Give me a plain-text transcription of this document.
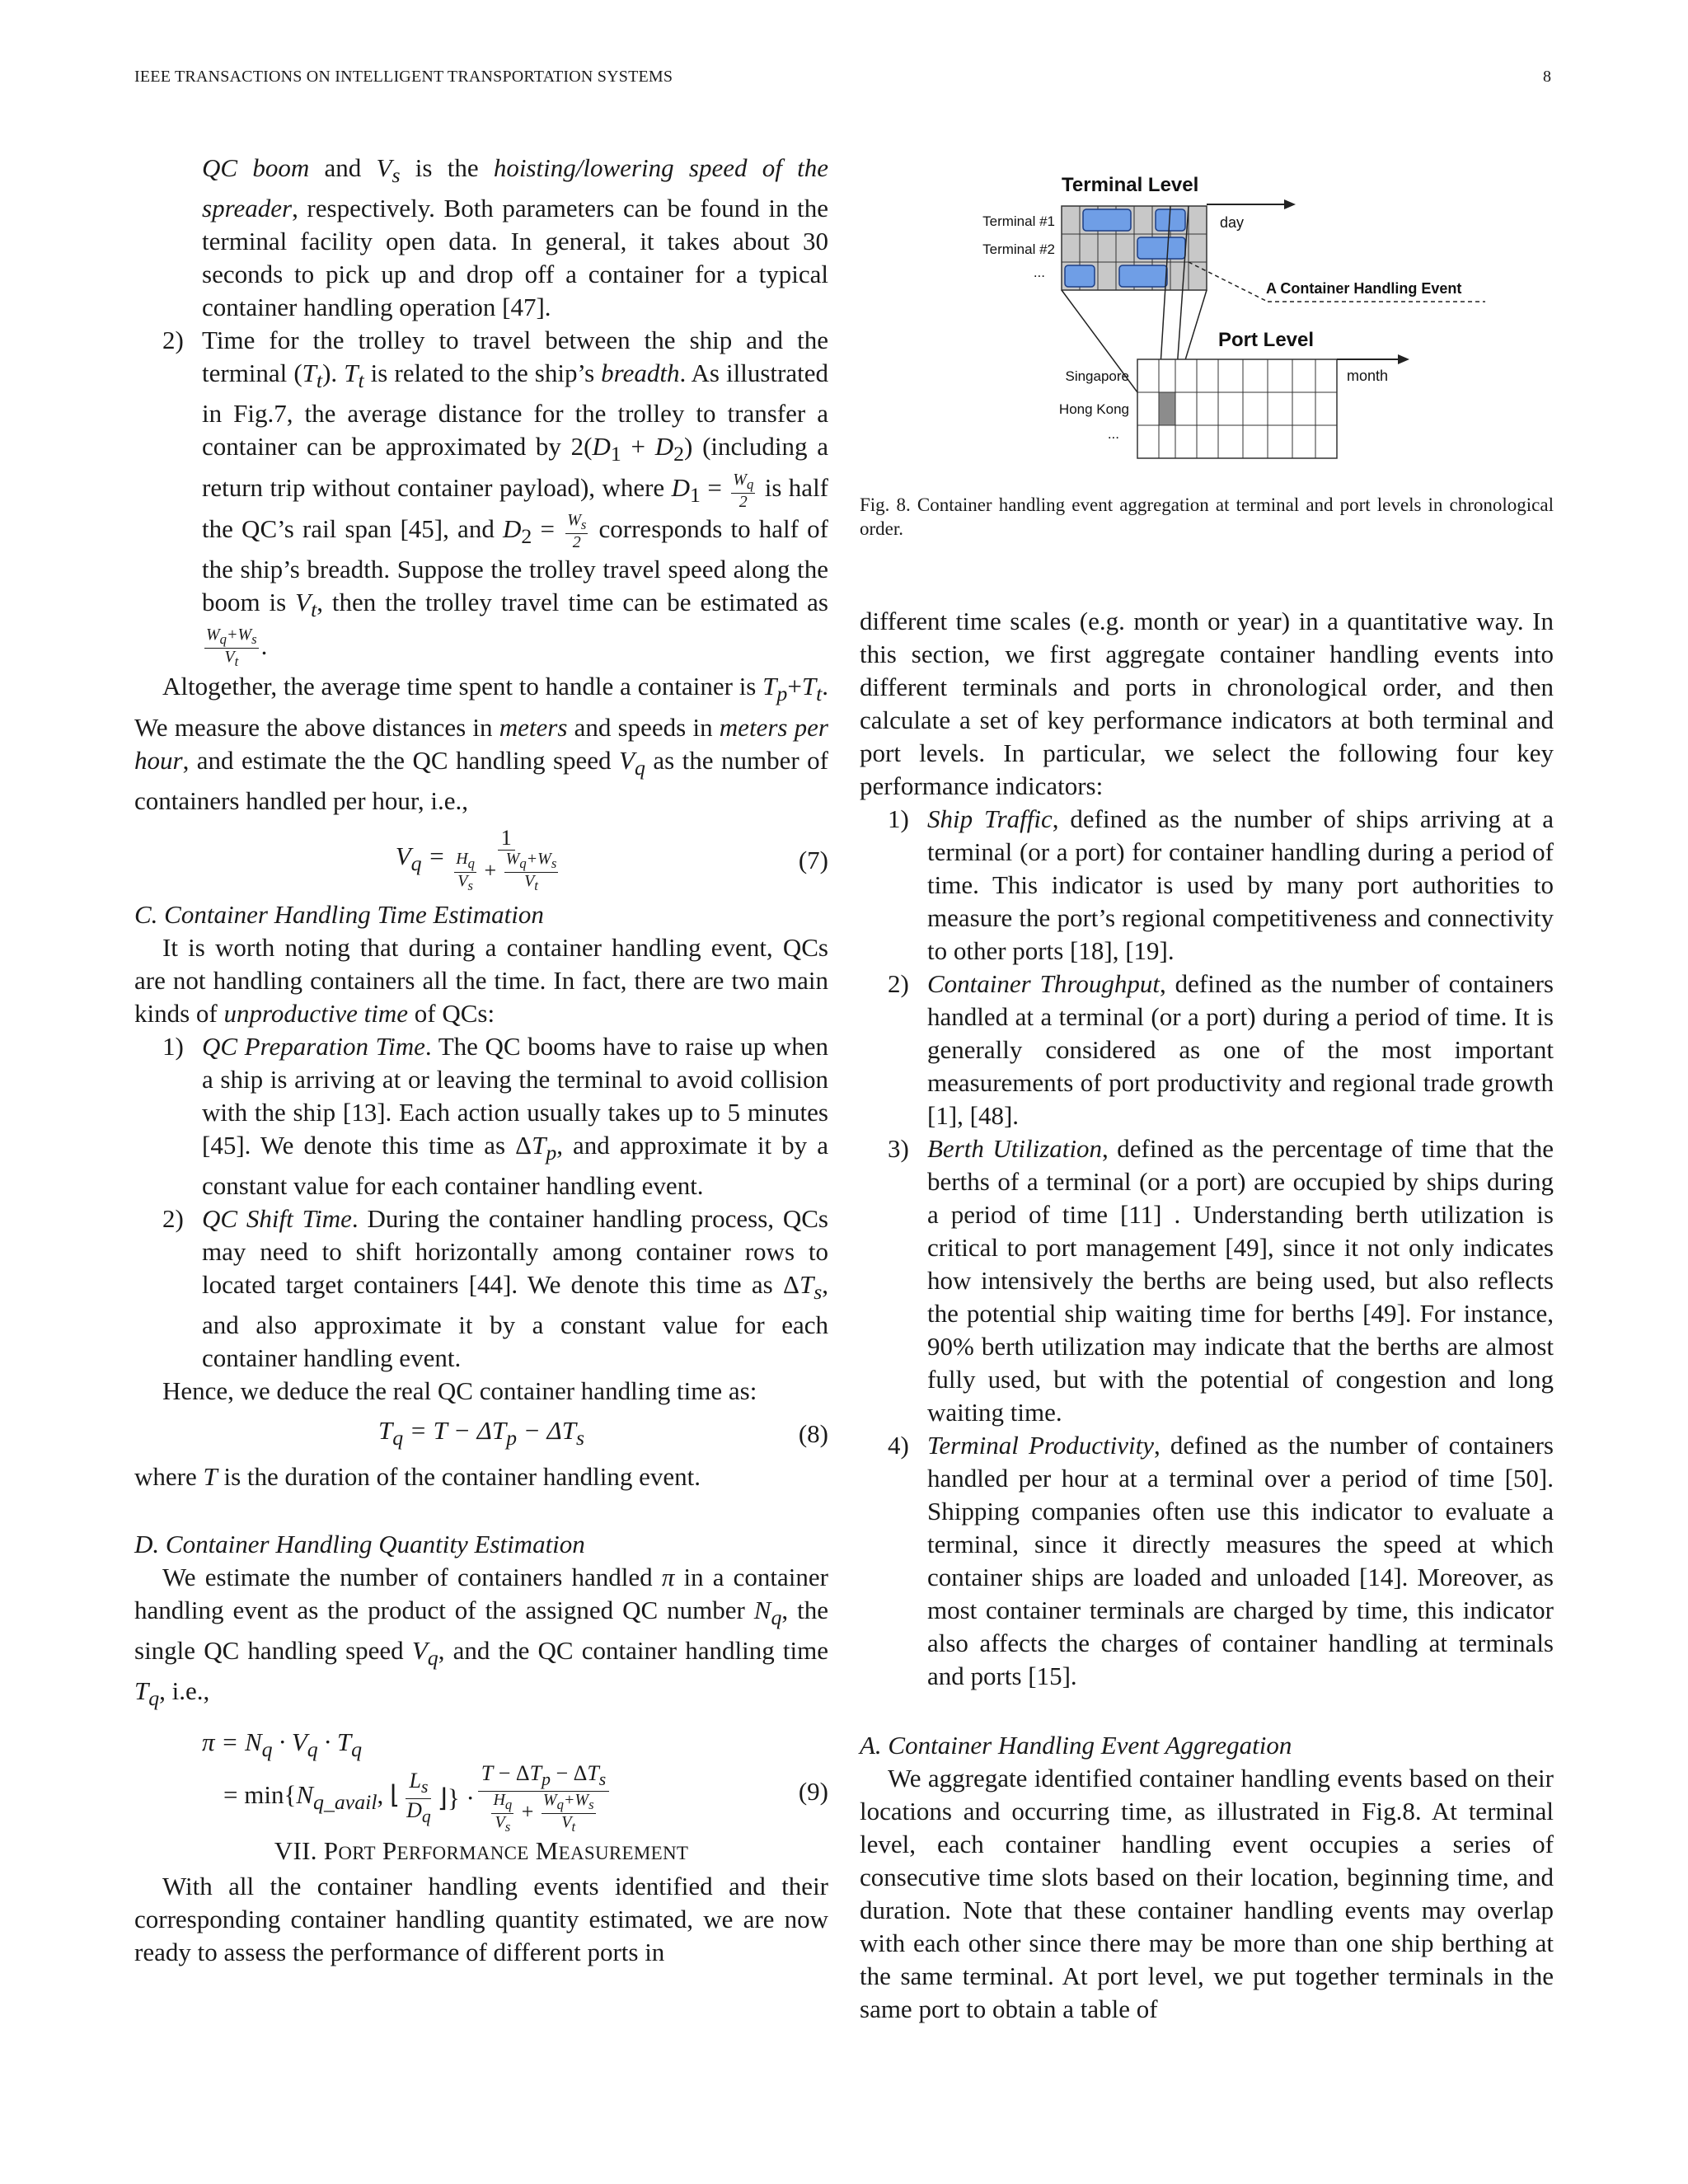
IEEE TRANSACTIONS ON INTELLIGENT TRANSPORTATION SYSTEMS	8

QC boom and $V_s$ is the hoisting/lowering speed of the spreader, respectively. Both parameters can be found in the terminal facility open data. In general, it takes about 30 seconds to pick up and drop off a container for a typical container handling operation [47].

2) Time for the trolley to travel between the ship and the terminal $(T_t)$. $T_t$ is related to the ship’s breadth. As illustrated in Fig.7, the average distance for the trolley to transfer a container can be approximated by $2(D_1 + D_2)$ (including a return trip without container payload), where $D_1 = \frac{W_q}{2}$ is half the QC’s rail span [45], and $D_2 = \frac{W_s}{2}$ corresponds to half of the ship’s breadth. Suppose the trolley travel speed along the boom is $V_t$, then the trolley travel time can be estimated as
$\frac{W_q+W_s}{V_t}$ .

Altogether, the average time spent to handle a container is $T_p+T_t$. We measure the above distances in meters and speeds in meters per hour, and estimate the the QC handling speed $V_q$ as the number of containers handled per hour, i.e.,

$V_q = \frac{1}{\frac{H_q}{V_s} + \frac{W_q+W_s}{V_t}}$	(7)

C. Container Handling Time Estimation

It is worth noting that during a container handling event, QCs are not handling containers all the time. In fact, there are two main kinds of unproductive time of QCs:

1) QC Preparation Time. The QC booms have to raise up when a ship is arriving at or leaving the terminal to avoid collision with the ship [13]. Each action usually takes up to 5 minutes [45]. We denote this time as $\Delta T_p$, and approximate it by a constant value for each container handling event.
2) QC Shift Time. During the container handling process, QCs may need to shift horizontally among container rows to located target containers [44]. We denote this time as $\Delta T_s$, and also approximate it by a constant value for each container handling event.

Hence, we deduce the real QC container handling time as:

$T_q = T - \Delta T_p - \Delta T_s$	(8)

where T is the duration of the container handling event.

D. Container Handling Quantity Estimation

We estimate the number of containers handled π in a container handling event as the product of the assigned QC number $N_q$, the single QC handling speed $V_q$, and the QC container handling time $T_q$, i.e.,

$\pi = N_q \cdot V_q \cdot T_q$
= $\min\{N_{q\_avail}$, ⌊ $\frac{L_s}{D_q}$ ⌋} · $\frac{T - \Delta T_p - \Delta T_s}{\frac{H_q}{V_s} + \frac{W_q+W_s}{V_t}}$	(9)

VII. PORT PERFORMANCE MEASUREMENT

With all the container handling events identified and their corresponding container handling quantity estimated, we are now ready to assess the performance of different ports in

Terminal Level
Terminal #1
Terminal #2
...
day
A Container Handling Event
Port Level
month
Singapore
Hong Kong
...
Fig. 8. Container handling event aggregation at terminal and port levels in chronological order.

different time scales (e.g. month or year) in a quantitative way. In this section, we first aggregate container handling events into different terminals and ports in chronological order, and then calculate a set of key performance indicators at both terminal and port levels. In particular, we select the following four key performance indicators:

1) Ship Traffic, defined as the number of ships arriving at a terminal (or a port) for container handling during a period of time. This indicator is used by many port authorities to measure the port’s regional competitiveness and connectivity to other ports [18], [19].
2) Container Throughput, defined as the number of containers handled at a terminal (or a port) during a period of time. It is generally considered as one of the most important measurements of port productivity and regional trade growth [1], [48].
3) Berth Utilization, defined as the percentage of time that the berths of a terminal (or a port) are occupied by ships during a period of time [11] . Understanding berth utilization is critical to port management [49], since it not only indicates how intensively the berths are being used, but also reflects the potential ship waiting time for berths [49]. For instance, 90% berth utilization may indicate that the berths are almost fully used, but with the potential of congestion and long waiting time.
4) Terminal Productivity, defined as the number of containers handled per hour at a terminal over a period of time [50]. Shipping companies often use this indicator to evaluate a terminal, since it directly measures the speed at which container ships are loaded and unloaded [14]. Moreover, as most container terminals are charged by time, this indicator also affects the charges of container handling at terminals and ports [15].

A. Container Handling Event Aggregation

We aggregate identified container handling events based on their locations and occurring time, as illustrated in Fig.8. At terminal level, each container handling event occupies a series of consecutive time slots based on their location, beginning time, and duration. Note that these container handling events may overlap with each other since there may be more than one ship berthing at the same terminal. At port level, we put together terminals in the same port to obtain a table of
